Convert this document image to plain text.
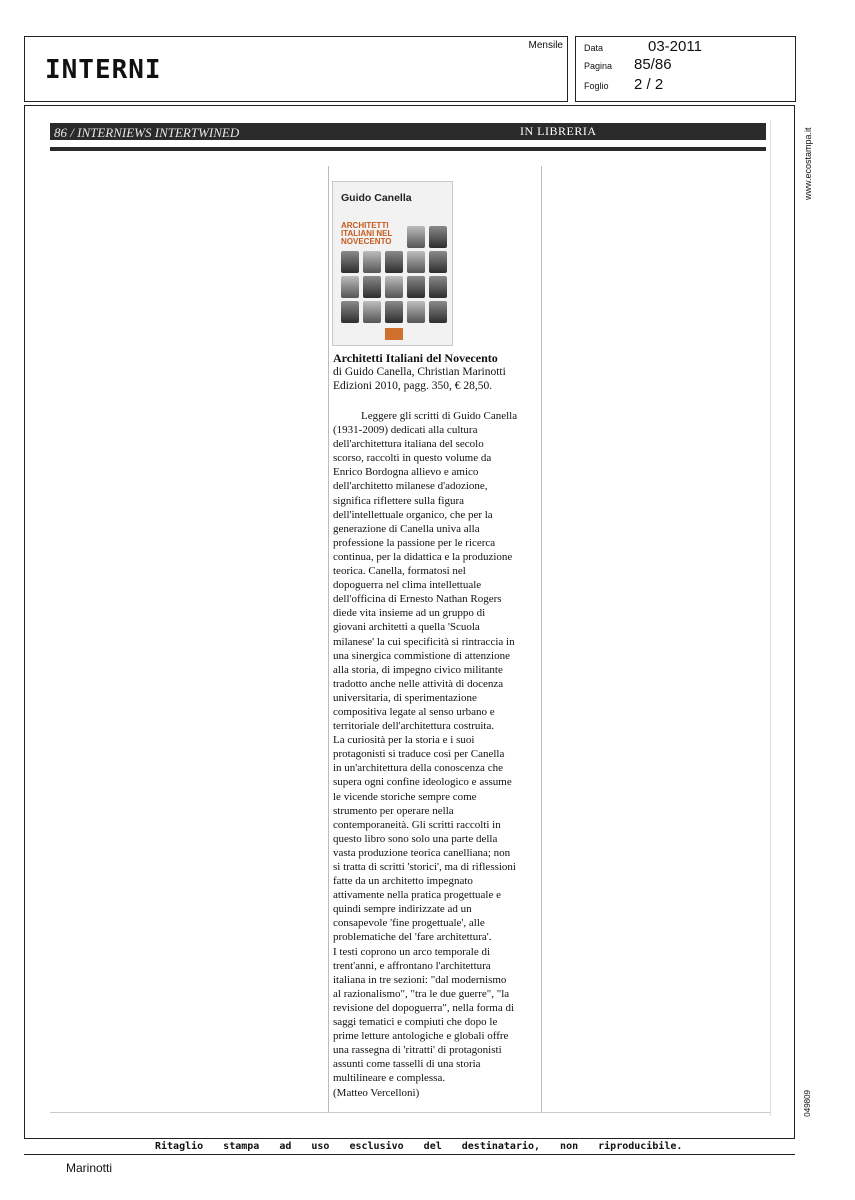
INTERNI
Mensile Data	03-2011
Pagina 85/86
Foglio 2 / 2
www.ecostampa.it
049809
86 / INTERNIEWS INTERTWINED	IN LIBRERIA
Guido Canella
ARCHITETTI
ITALIANI NEL
NOVECENTO
Architetti Italiani del Novecento
di Guido Canella, Christian Marinotti
Edizioni 2010, pagg. 350, € 28,50.
Leggere gli scritti di Guido Canella
(1931-2009) dedicati alla cultura
dell'architettura italiana del secolo
scorso, raccolti in questo volume da
Enrico Bordogna allievo e amico
dell'architetto milanese d'adozione,
significa riflettere sulla figura
dell'intellettuale organico, che per la
generazione di Canella univa alla
professione la passione per le ricerca
continua, per la didattica e la produzione
teorica. Canella, formatosi nel
dopoguerra nel clima intellettuale
dell'officina di Ernesto Nathan Rogers
diede vita insieme ad un gruppo di
giovani architetti a quella 'Scuola
milanese' la cui specificità si rintraccia in
una sinergica commistione di attenzione
alla storia, di impegno civico militante
tradotto anche nelle attività di docenza
universitaria, di sperimentazione
compositiva legate al senso urbano e
territoriale dell'architettura costruita.
La curiosità per la storia e i suoi
protagonisti si traduce così per Canella
in un'architettura della conoscenza che
supera ogni confine ideologico e assume
le vicende storiche sempre come
strumento per operare nella
contemporaneità. Gli scritti raccolti in
questo libro sono solo una parte della
vasta produzione teorica canelliana; non
si tratta di scritti 'storici', ma di riflessioni
fatte da un architetto impegnato
attivamente nella pratica progettuale e
quindi sempre indirizzate ad un
consapevole 'fine progettuale', alle
problematiche del 'fare architettura'.
I testi coprono un arco temporale di
trent'anni, e affrontano l'architettura
italiana in tre sezioni: "dal modernismo
al razionalismo", "tra le due guerre", "la
revisione del dopoguerra", nella forma di
saggi tematici e compiuti che dopo le
prime letture antologiche e globali offre
una rassegna di 'ritratti' di protagonisti
assunti come tasselli di una storia
multilineare e complessa.
(Matteo Vercelloni)
Ritaglio stampa ad uso esclusivo del destinatario, non riproducibile.
Marinotti
